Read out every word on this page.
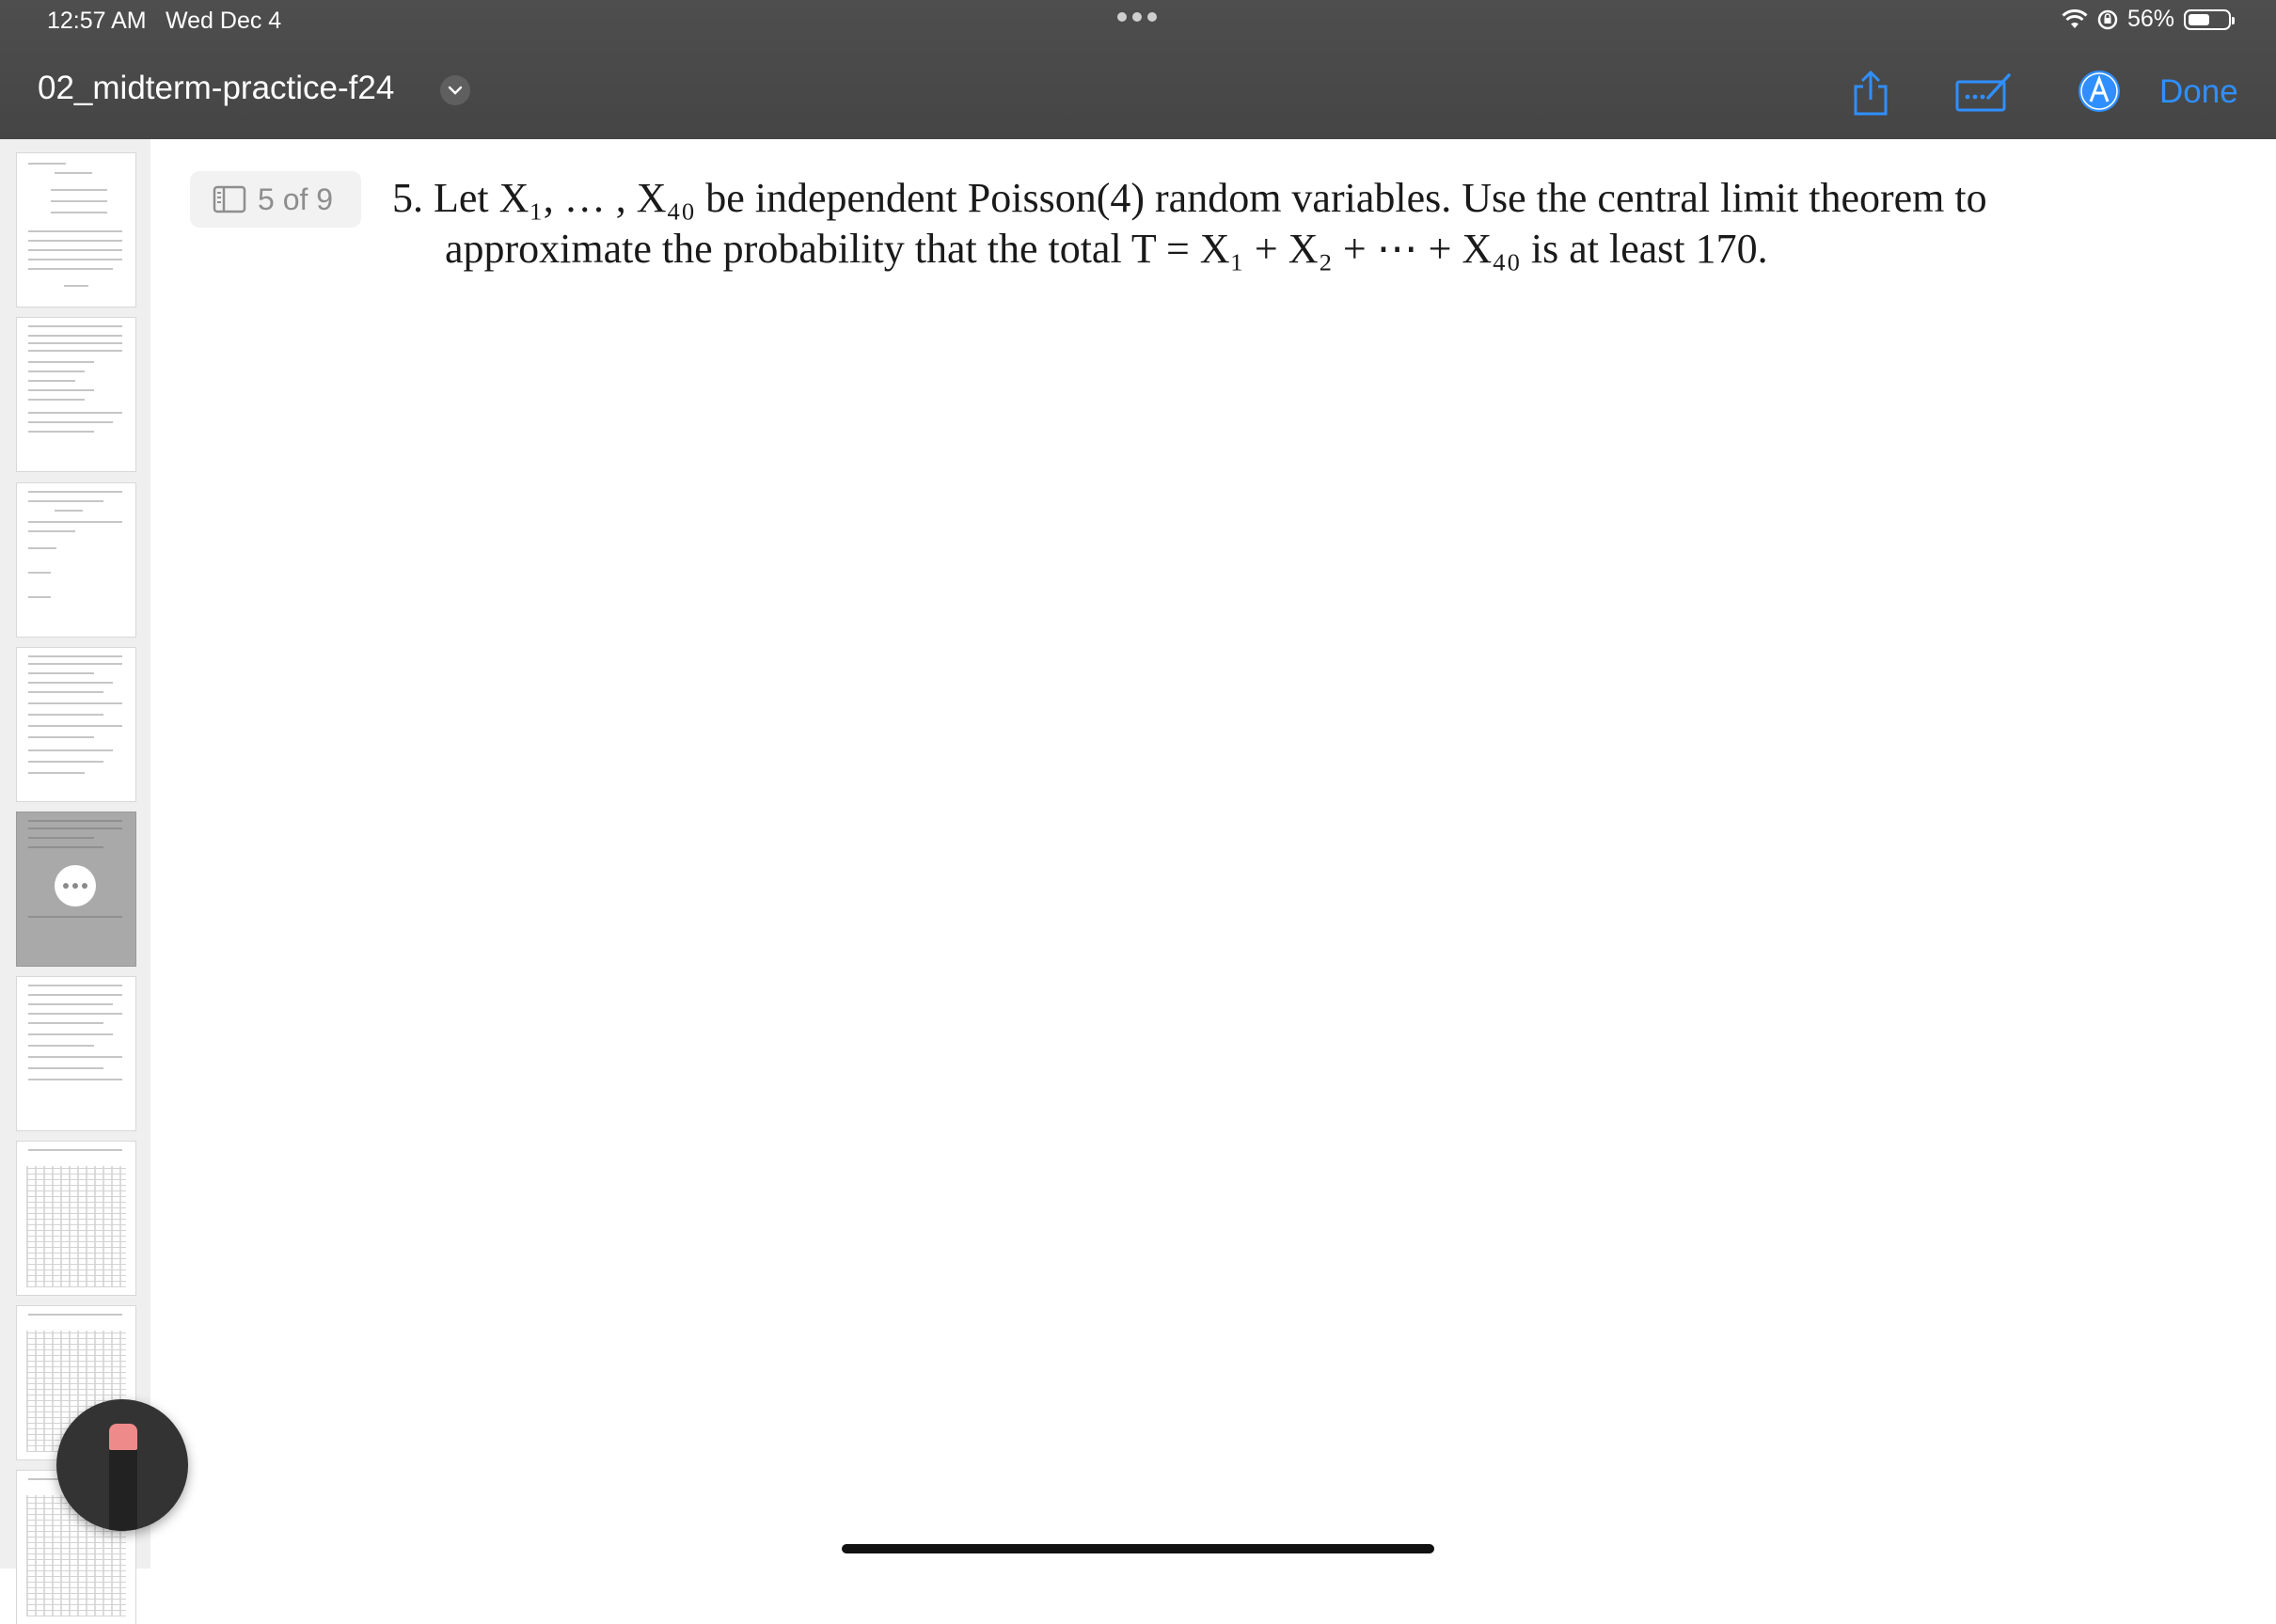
12:57 AM Wed Dec 4	56%
02_midterm-practice-f24	Done
5 of 9 5. Let X₁, … , X₄₀ be independent Poisson(4) random variables. Use the central limit theorem to
approximate the probability that the total T = X₁ + X₂ + ⋯ + X₄₀ is at least 170.
